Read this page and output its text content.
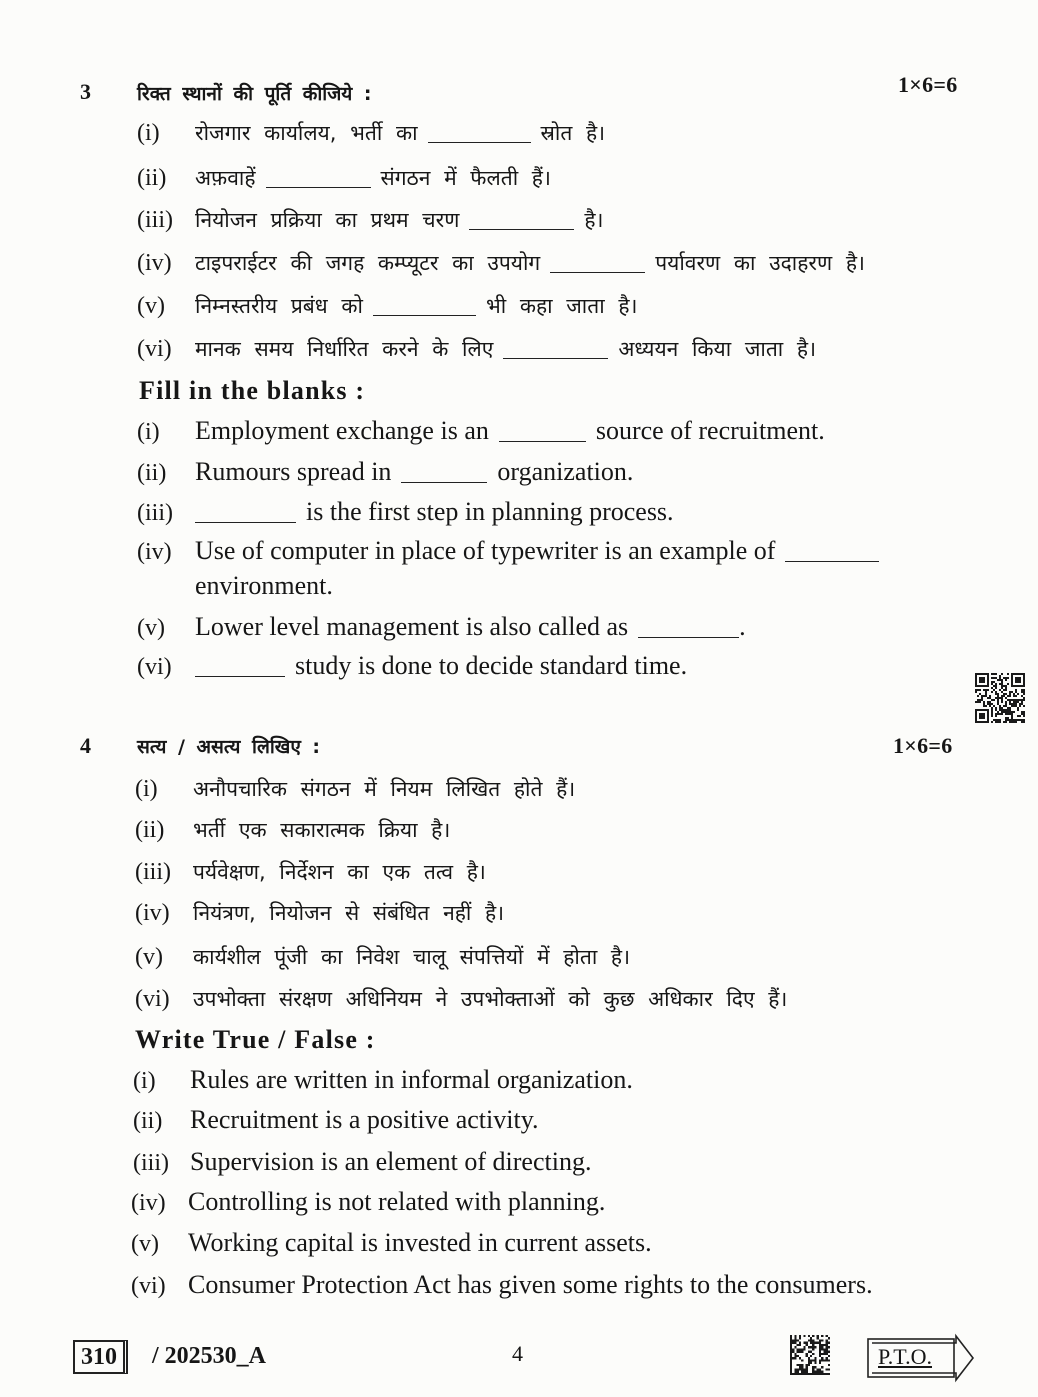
3 रिक्त स्थानों की पूर्ति कीजिये :	1×6=6
(i) रोजगार कार्यालय, भर्ती का	स्रोत है।
(ii) अफ़वाहें	संगठन में फैलती हैं।
(iii) नियोजन प्रक्रिया का प्रथम चरण	है।
(iv) टाइपराईटर की जगह कम्प्यूटर का उपयोग	पर्यावरण का उदाहरण है।
(v) निम्नस्तरीय प्रबंध को	भी कहा जाता है।
(vi) मानक समय निर्धारित करने के लिए	अध्ययन किया जाता है।
Fill in the blanks :
(i) Employment exchange is an	source of recruitment.
(ii) Rumours spread in	organization.
(iii)	is the first step in planning process.
(iv) Use of computer in place of typewriter is an example of
environment.
(v) Lower level management is also called as	.
(vi)	study is done to decide standard time.
4 सत्य / असत्य लिखिए :	1×6=6
(i) अनौपचारिक संगठन में नियम लिखित होते हैं।
(ii) भर्ती एक सकारात्मक क्रिया है।
(iii) पर्यवेक्षण, निर्देशन का एक तत्व है।
(iv) नियंत्रण, नियोजन से संबंधित नहीं है।
(v) कार्यशील पूंजी का निवेश चालू संपत्तियों में होता है।
(vi) उपभोक्ता संरक्षण अधिनियम ने उपभोक्ताओं को कुछ अधिकार दिए हैं।
Write True / False :
(i) Rules are written in informal organization.
(ii) Recruitment is a positive activity.
(iii) Supervision is an element of directing.
(iv) Controlling is not related with planning.
(v) Working capital is invested in current assets.
(vi) Consumer Protection Act has given some rights to the consumers.
310	/ 202530_A	4	P.T.O.
